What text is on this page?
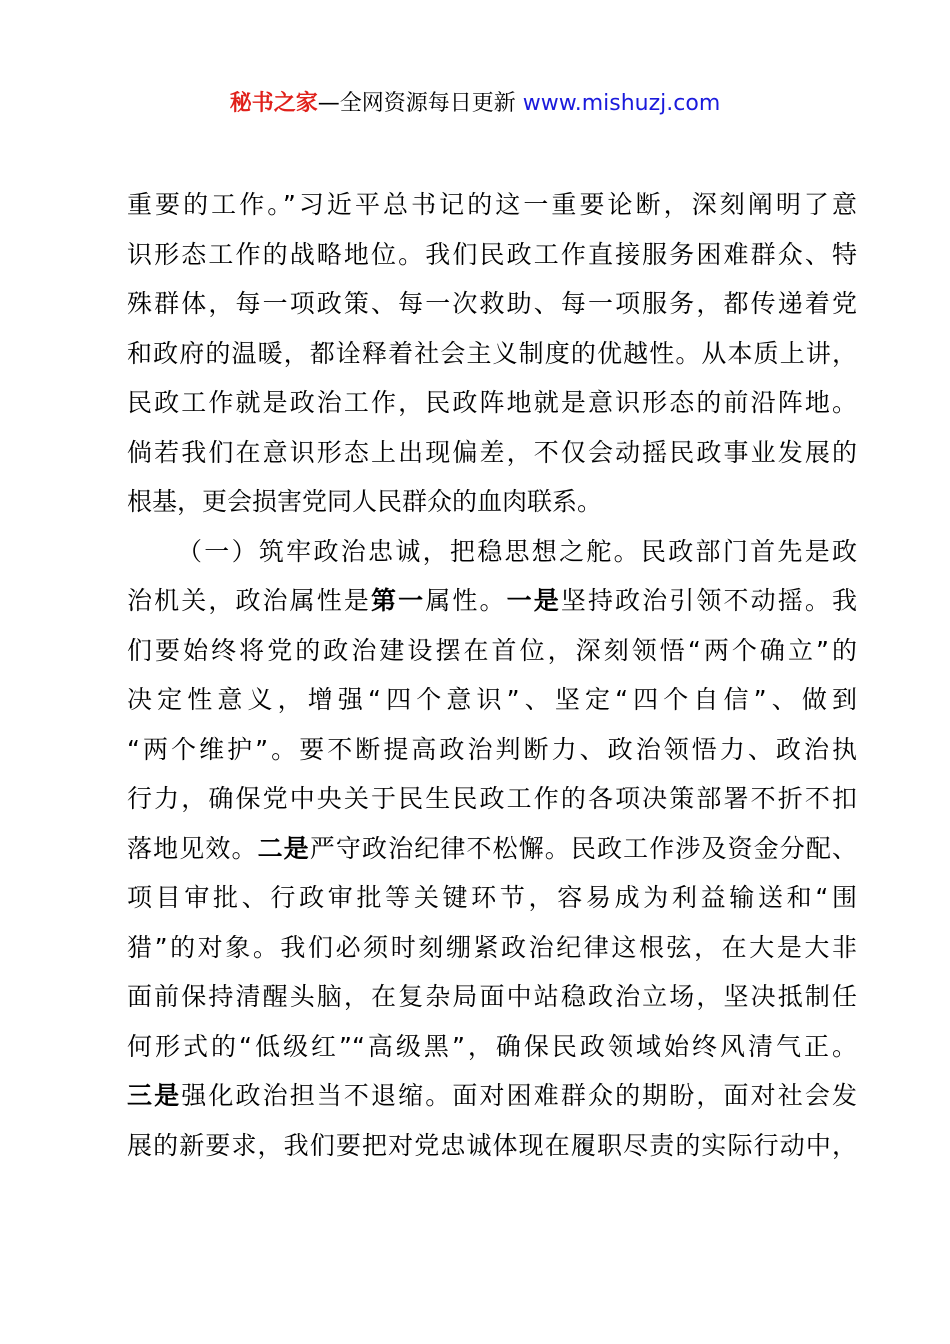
秘书之家—全网资源每日更新 www.mishuzj.com
重要的工作。”习近平总书记的这一重要论断，深刻阐明了意
识形态工作的战略地位。我们民政工作直接服务困难群众、特
殊群体，每一项政策、每一次救助、每一项服务，都传递着党
和政府的温暖，都诠释着社会主义制度的优越性。从本质上讲，
民政工作就是政治工作，民政阵地就是意识形态的前沿阵地。
倘若我们在意识形态上出现偏差，不仅会动摇民政事业发展的
根基，更会损害党同人民群众的血肉联系。
（一）筑牢政治忠诚，把稳思想之舵。民政部门首先是政
治机关，政治属性是第一属性。一是坚持政治引领不动摇。我
们要始终将党的政治建设摆在首位，深刻领悟“两个确立”的
决定性意义，增强“四个意识”、坚定“四个自信”、做到
“两个维护”。要不断提高政治判断力、政治领悟力、政治执
行力，确保党中央关于民生民政工作的各项决策部署不折不扣
落地见效。二是严守政治纪律不松懈。民政工作涉及资金分配、
项目审批、行政审批等关键环节，容易成为利益输送和“围
猎”的对象。我们必须时刻绷紧政治纪律这根弦，在大是大非
面前保持清醒头脑，在复杂局面中站稳政治立场，坚决抵制任
何形式的“低级红”“高级黑”，确保民政领域始终风清气正。
三是强化政治担当不退缩。面对困难群众的期盼，面对社会发
展的新要求，我们要把对党忠诚体现在履职尽责的实际行动中，
